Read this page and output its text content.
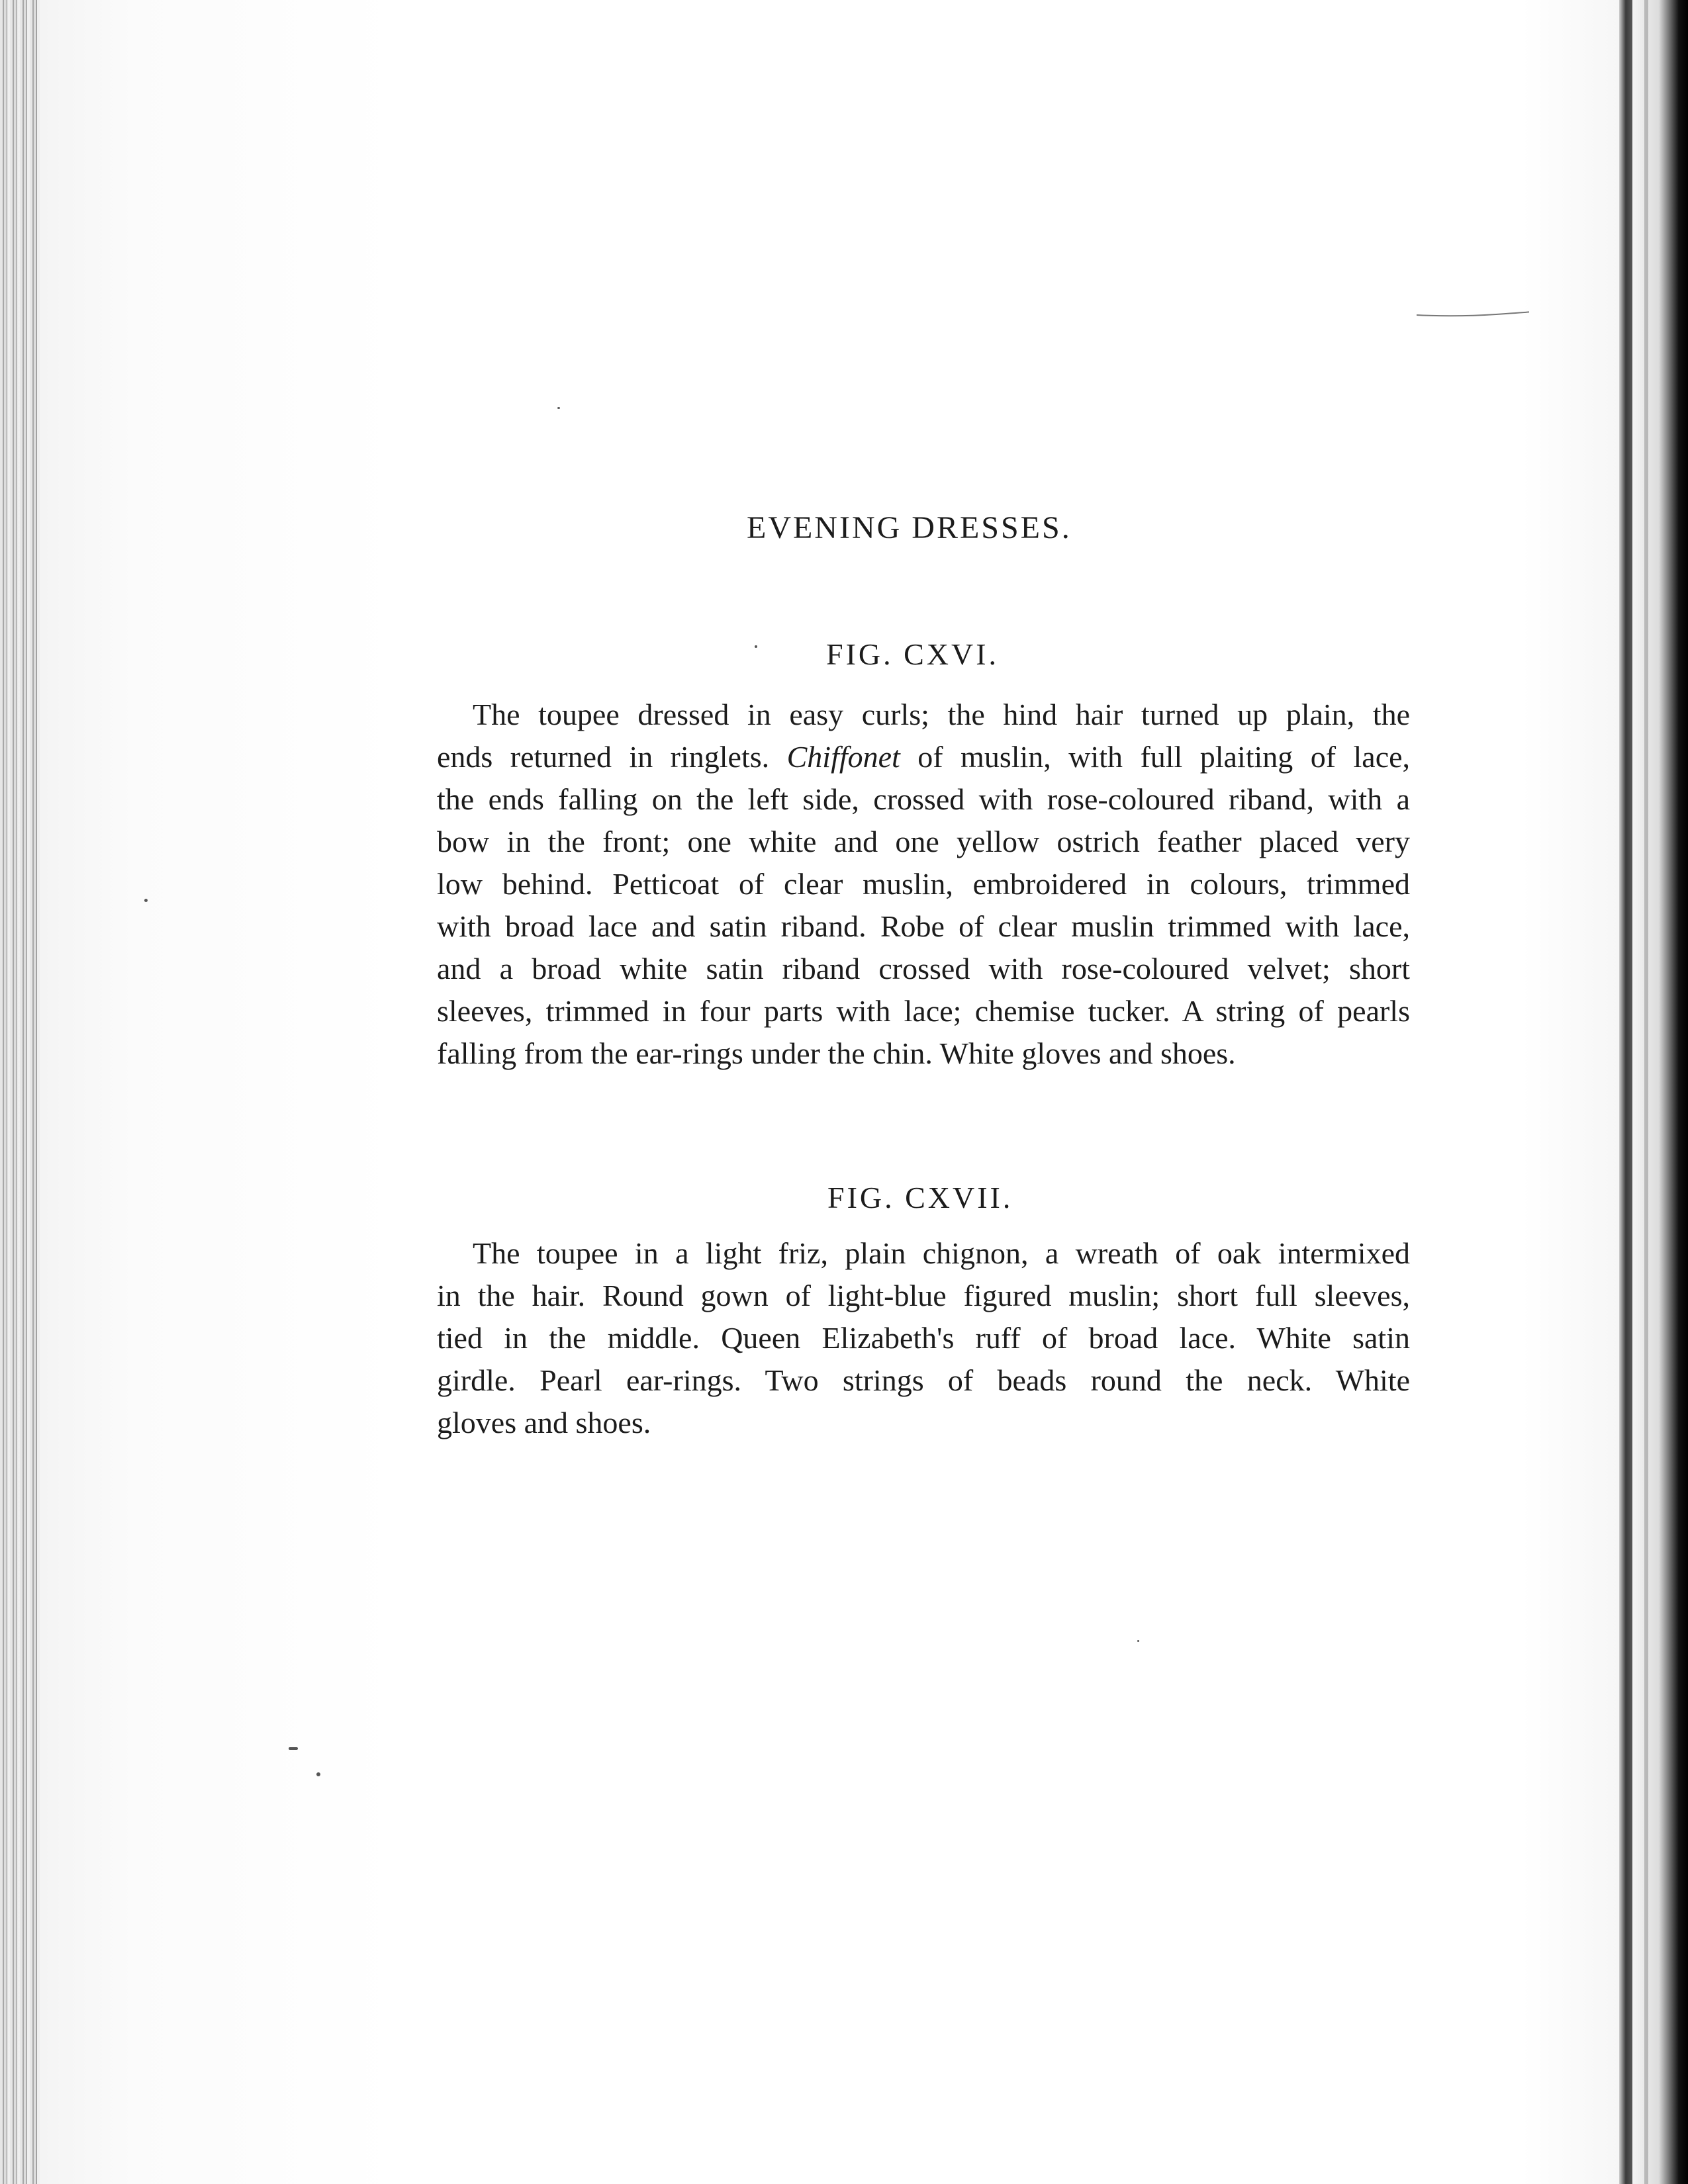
EVENING DRESSES.
FIG. CXVI.
The toupee dressed in easy curls; the hind hair turned up plain, the
ends returned in ringlets. Chiffonet of muslin, with full plaiting of lace,
the ends falling on the left side, crossed with rose-coloured riband, with a
bow in the front; one white and one yellow ostrich feather placed very
low behind. Petticoat of clear muslin, embroidered in colours, trimmed
with broad lace and satin riband. Robe of clear muslin trimmed with lace,
and a broad white satin riband crossed with rose-coloured velvet; short
sleeves, trimmed in four parts with lace; chemise tucker. A string of pearls
falling from the ear-rings under the chin. White gloves and shoes.
FIG. CXVII.
The toupee in a light friz, plain chignon, a wreath of oak intermixed
in the hair. Round gown of light-blue figured muslin; short full sleeves,
tied in the middle. Queen Elizabeth's ruff of broad lace. White satin
girdle. Pearl ear-rings. Two strings of beads round the neck. White
gloves and shoes.
